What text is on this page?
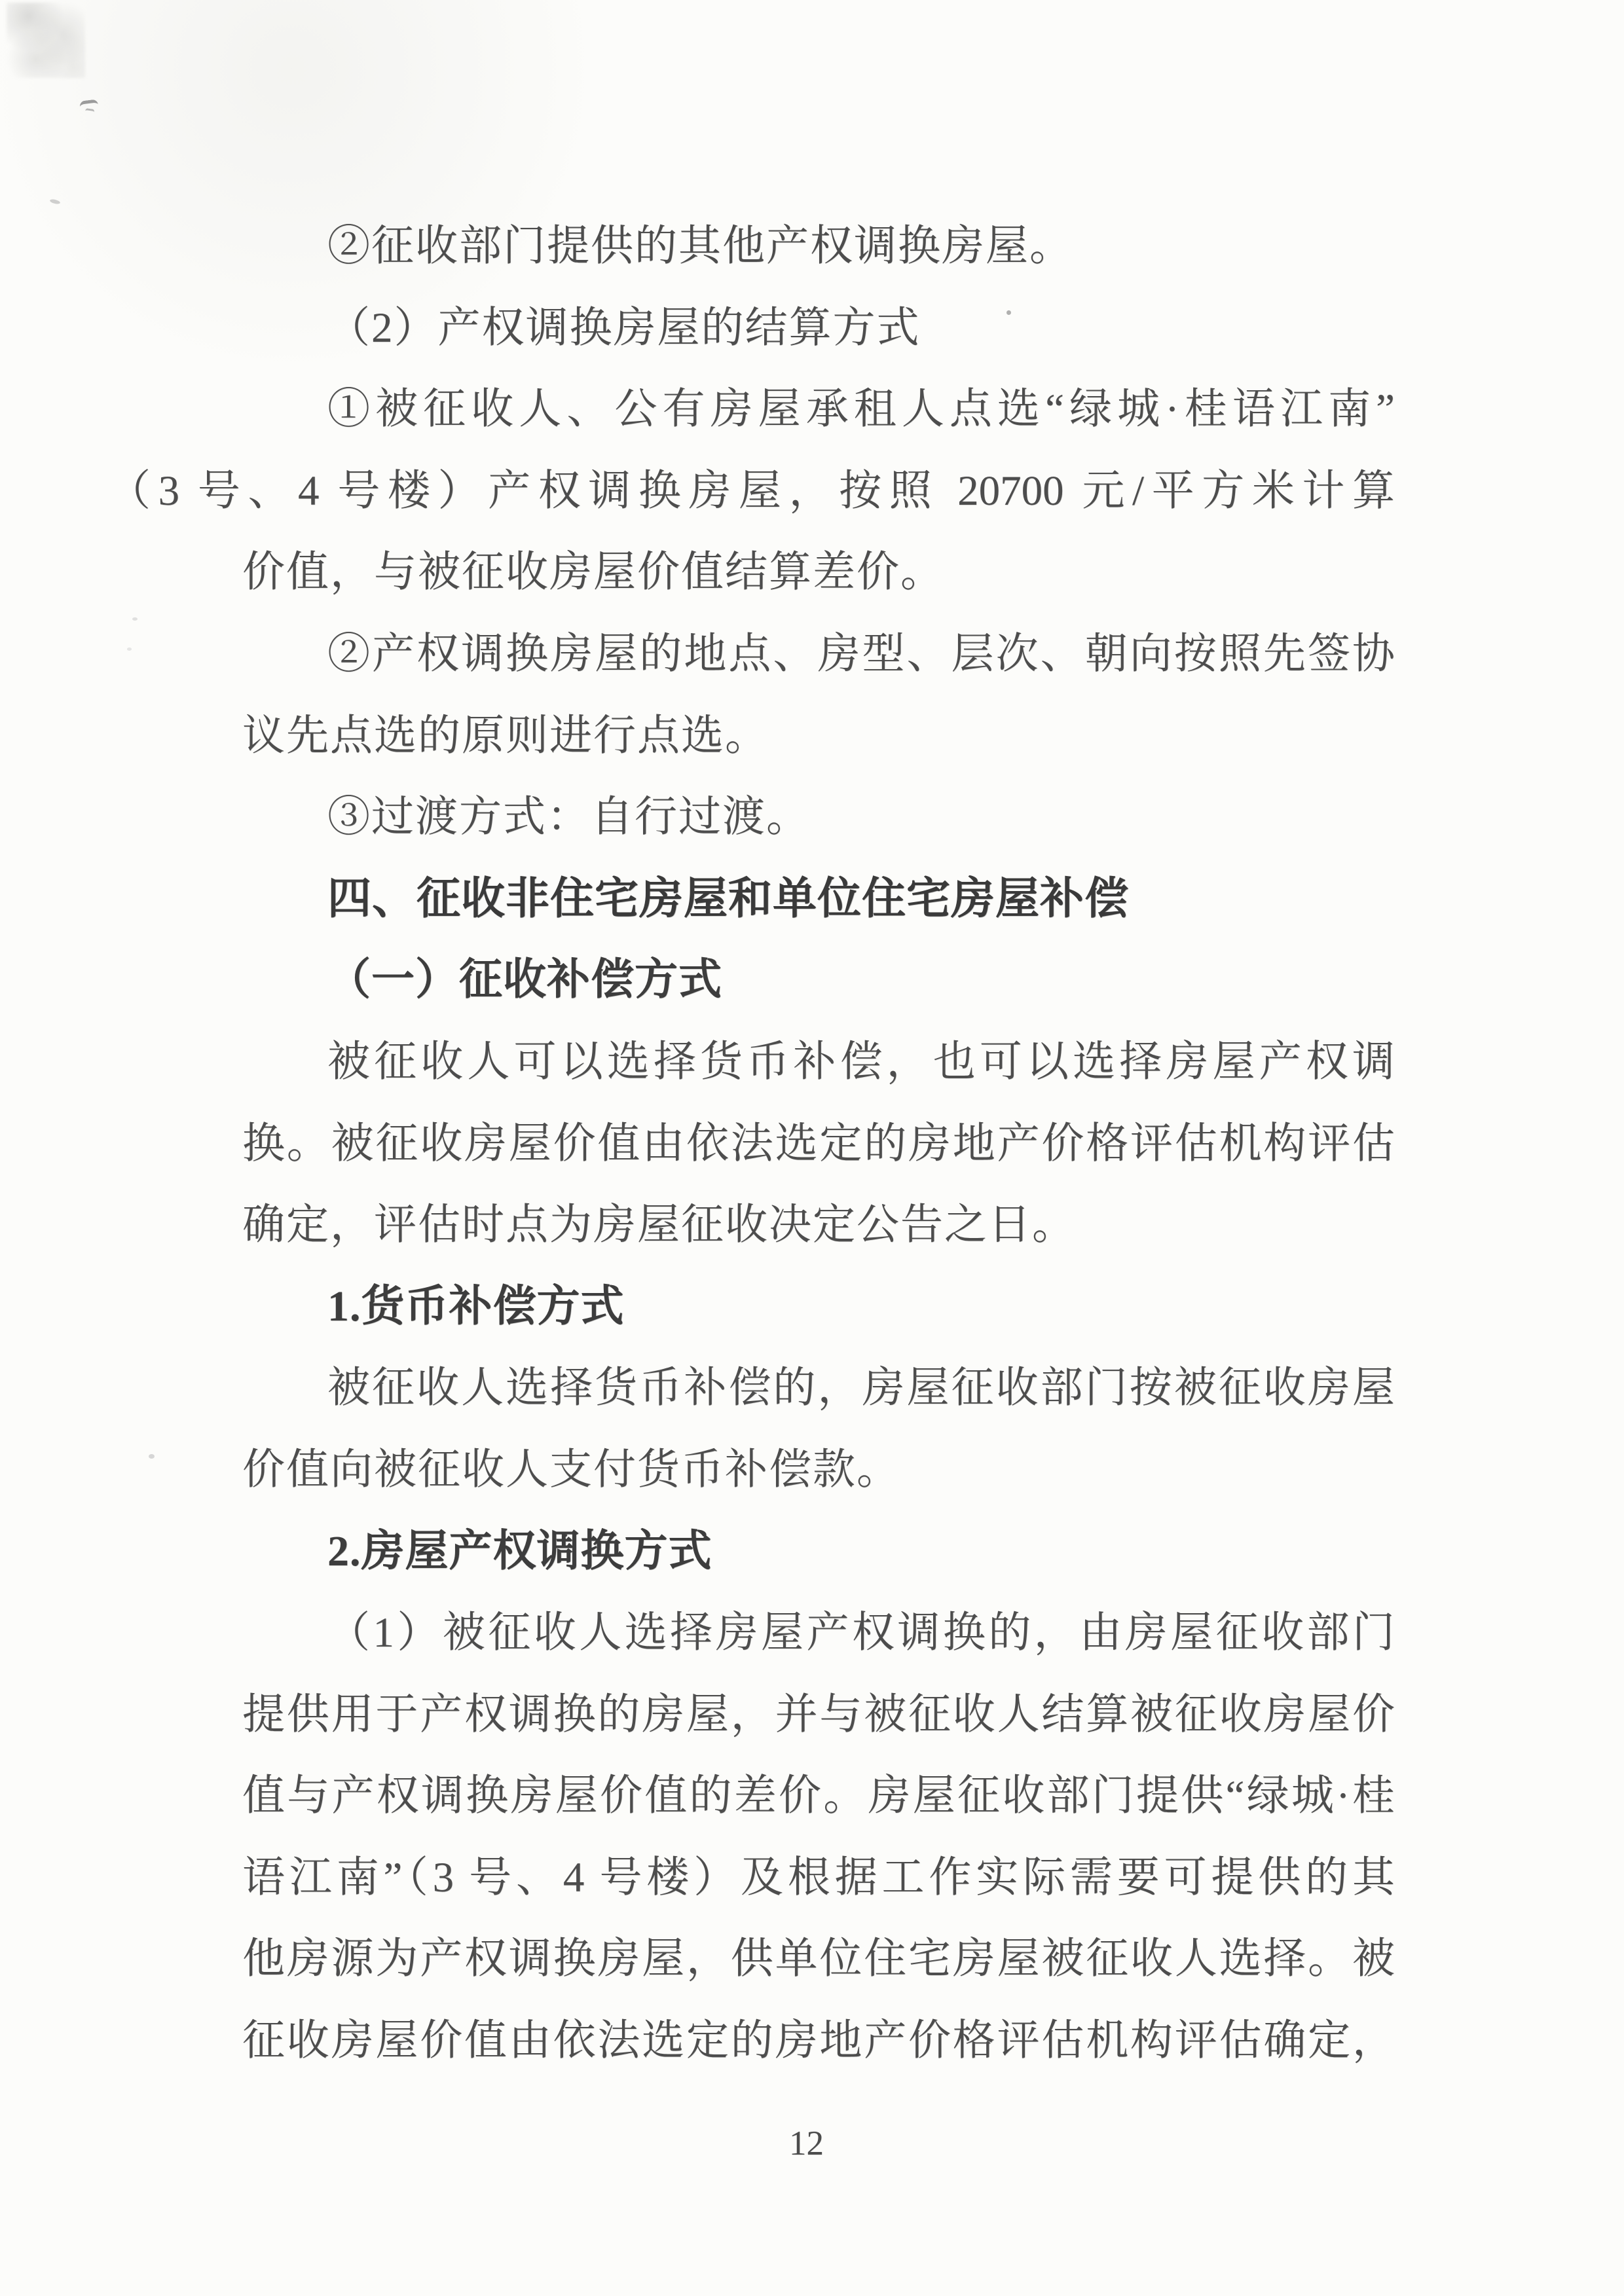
②征收部门提供的其他产权调换房屋。
（2）产权调换房屋的结算方式
①被征收人、公有房屋承租人点选“绿城·桂语江南”
（3 号、4 号楼）产权调换房屋，按照 20700 元/平方米计算
价值，与被征收房屋价值结算差价。
②产权调换房屋的地点、房型、层次、朝向按照先签协
议先点选的原则进行点选。
③过渡方式：自行过渡。
四、征收非住宅房屋和单位住宅房屋补偿
（一）征收补偿方式
被征收人可以选择货币补偿，也可以选择房屋产权调
换。被征收房屋价值由依法选定的房地产价格评估机构评估
确定，评估时点为房屋征收决定公告之日。
1.货币补偿方式
被征收人选择货币补偿的，房屋征收部门按被征收房屋
价值向被征收人支付货币补偿款。
2.房屋产权调换方式
（1）被征收人选择房屋产权调换的，由房屋征收部门
提供用于产权调换的房屋，并与被征收人结算被征收房屋价
值与产权调换房屋价值的差价。房屋征收部门提供“绿城·桂
语江南”（3 号、4 号楼）及根据工作实际需要可提供的其
他房源为产权调换房屋，供单位住宅房屋被征收人选择。被
征收房屋价值由依法选定的房地产价格评估机构评估确定，
12
